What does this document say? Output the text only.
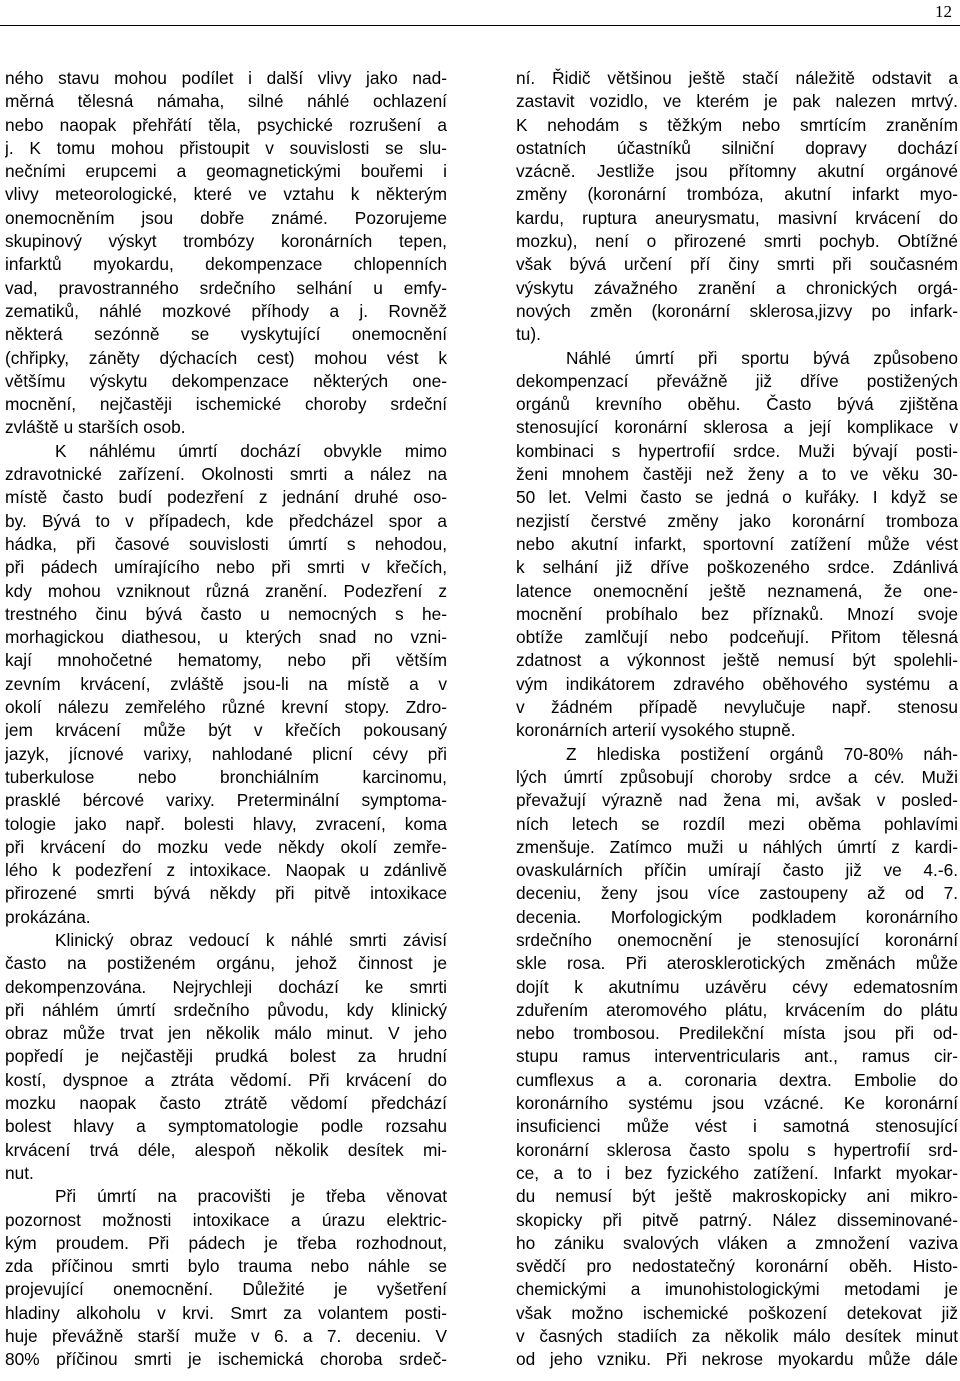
12
ného stavu mohou podílet i další vlivy jako nad-
měrná tělesná námaha, silné náhlé ochlazení
nebo naopak přehřátí těla, psychické rozrušení a
j. K tomu mohou přistoupit v souvislosti se slu-
nečními erupcemi a geomagnetickými bouřemi i
vlivy meteorologické, které ve vztahu k některým
onemocněním jsou dobře známé. Pozorujeme
skupinový výskyt trombózy koronárních tepen,
infarktů myokardu, dekompenzace chlopenních
vad, pravostranného srdečního selhání u emfy-
zematiků, náhlé mozkové příhody a j. Rovněž
některá sezónně se vyskytující onemocnění
(chřipky, záněty dýchacích cest) mohou vést k
většímu výskytu dekompenzace některých one-
mocnění, nejčastěji ischemické choroby srdeční
zvláště u starších osob.
K náhlému úmrtí dochází obvykle mimo
zdravotnické zařízení. Okolnosti smrti a nález na
místě často budí podezření z jednání druhé oso-
by. Bývá to v případech, kde předcházel spor a
hádka, při časové souvislosti úmrtí s nehodou,
při pádech umírajícího nebo při smrti v křečích,
kdy mohou vzniknout různá zranění. Podezření z
trestného činu bývá často u nemocných s he-
morhagickou diathesou, u kterých snad no vzni-
kají mnohočetné hematomy, nebo při větším
zevním krvácení, zvláště jsou-li na místě a v
okolí nálezu zemřelého různé krevní stopy. Zdro-
jem krvácení může být v křečích pokousaný
jazyk, jícnové varixy, nahlodané plicní cévy při
tuberkulose nebo bronchiálním karcinomu,
prasklé bércové varixy. Preterminální symptoma-
tologie jako např. bolesti hlavy, zvracení, koma
při krvácení do mozku vede někdy okolí zemře-
lého k podezření z intoxikace. Naopak u zdánlivě
přirozené smrti bývá někdy při pitvě intoxikace
prokázána.
Klinický obraz vedoucí k náhlé smrti závisí
často na postiženém orgánu, jehož činnost je
dekompenzována. Nejrychleji dochází ke smrti
při náhlém úmrtí srdečního původu, kdy klinický
obraz může trvat jen několik málo minut. V jeho
popředí je nejčastěji prudká bolest za hrudní
kostí, dyspnoe a ztráta vědomí. Při krvácení do
mozku naopak často ztrátě vědomí předchází
bolest hlavy a symptomatologie podle rozsahu
krvácení trvá déle, alespoň několik desítek mi-
nut.
Při úmrtí na pracovišti je třeba věnovat
pozornost možnosti intoxikace a úrazu elektric-
kým proudem. Při pádech je třeba rozhodnout,
zda příčinou smrti bylo trauma nebo náhle se
projevující onemocnění. Důležité je vyšetření
hladiny alkoholu v krvi. Smrt za volantem posti-
huje převážně starší muže v 6. a 7. deceniu. V
80% příčinou smrti je ischemická choroba srdeč-
ní. Řidič většinou ještě stačí náležitě odstavit a
zastavit vozidlo, ve kterém je pak nalezen mrtvý.
K nehodám s těžkým nebo smrtícím zraněním
ostatních účastníků silniční dopravy dochází
vzácně. Jestliže jsou přítomny akutní orgánové
změny (koronární trombóza, akutní infarkt myo-
kardu, ruptura aneurysmatu, masivní krvácení do
mozku), není o přirozené smrti pochyb. Obtížné
však bývá určení pří činy smrti při současném
výskytu závažného zranění a chronických orgá-
nových změn (koronární sklerosa,jizvy po infark-
tu).
Náhlé úmrtí při sportu bývá způsobeno
dekompenzací převážně již dříve postižených
orgánů krevního oběhu. Často bývá zjištěna
stenosující koronární sklerosa a její komplikace v
kombinaci s hypertrofií srdce. Muži bývají posti-
ženi mnohem častěji než ženy a to ve věku 30-
50 let. Velmi často se jedná o kuřáky. I když se
nezjistí čerstvé změny jako koronární tromboza
nebo akutní infarkt, sportovní zatížení může vést
k selhání již dříve poškozeného srdce. Zdánlivá
latence onemocnění ještě neznamená, že one-
mocnění probíhalo bez příznaků. Mnozí svoje
obtíže zamlčují nebo podceňují. Přitom tělesná
zdatnost a výkonnost ještě nemusí být spolehli-
vým indikátorem zdravého oběhového systému a
v žádném případě nevylučuje např. stenosu
koronárních arterií vysokého stupně.
Z hlediska postižení orgánů 70-80% náh-
lých úmrtí způsobují choroby srdce a cév. Muži
převažují výrazně nad žena mi, avšak v posled-
ních letech se rozdíl mezi oběma pohlavími
zmenšuje. Zatímco muži u náhlých úmrtí z kardi-
ovaskulárních příčin umírají často již ve 4.-6.
deceniu, ženy jsou více zastoupeny až od 7.
decenia. Morfologickým podkladem koronárního
srdečního onemocnění je stenosující koronární
skle rosa. Při aterosklerotických změnách může
dojít k akutnímu uzávěru cévy edematosním
zduřením ateromového plátu, krvácením do plátu
nebo trombosou. Predilekční místa jsou při od-
stupu ramus interventricularis ant., ramus cir-
cumflexus a a. coronaria dextra. Embolie do
koronárního systému jsou vzácné. Ke koronární
insuficienci může vést i samotná stenosující
koronární sklerosa často spolu s hypertrofií srd-
ce, a to i bez fyzického zatížení. Infarkt myokar-
du nemusí být ještě makroskopicky ani mikro-
skopicky při pitvě patrný. Nález disseminované-
ho zániku svalových vláken a zmnožení vaziva
svědčí pro nedostatečný koronární oběh. Histo-
chemickými a imunohistologickými metodami je
však možno ischemické poškození detekovat již
v časných stadiích za několik málo desítek minut
od jeho vzniku. Při nekrose myokardu může dále
